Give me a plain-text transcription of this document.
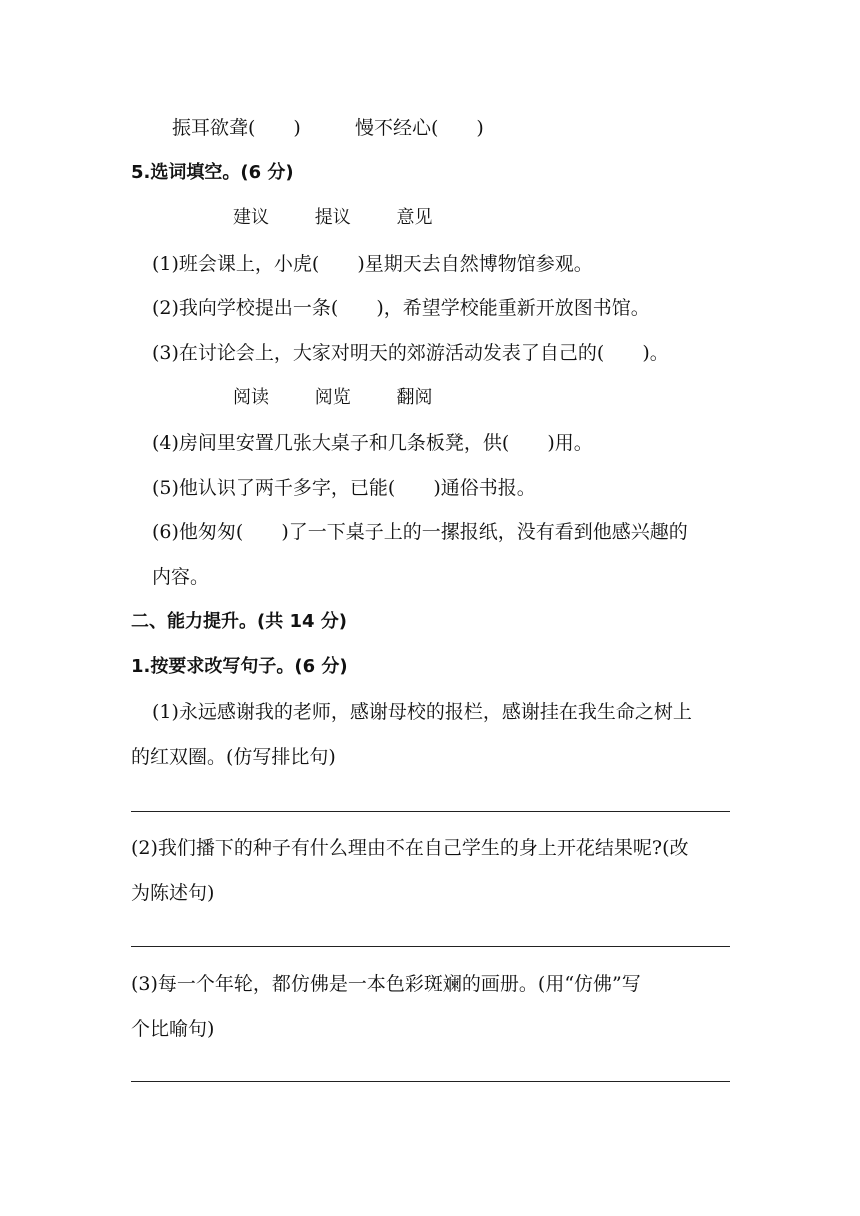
振耳欲聋(　　)	慢不经心(　　)
5.选词填空。(6 分)
建议	提议	意见
(1)班会课上，小虎(　　)星期天去自然博物馆参观。
(2)我向学校提出一条(　　)，希望学校能重新开放图书馆。
(3)在讨论会上，大家对明天的郊游活动发表了自己的(　　)。
阅读	阅览	翻阅
(4)房间里安置几张大桌子和几条板凳，供(　　)用。
(5)他认识了两千多字，已能(　　)通俗书报。
(6)他匆匆(　　)了一下桌子上的一摞报纸，没有看到他感兴趣的
内容。
二、能力提升。(共 14 分)
1.按要求改写句子。(6 分)
(1)永远感谢我的老师，感谢母校的报栏，感谢挂在我生命之树上
的红双圈。(仿写排比句)
(2)我们播下的种子有什么理由不在自己学生的身上开花结果呢?(改
为陈述句)
(3)每一个年轮，都仿佛是一本色彩斑斓的画册。(用“仿佛”写
个比喻句)
